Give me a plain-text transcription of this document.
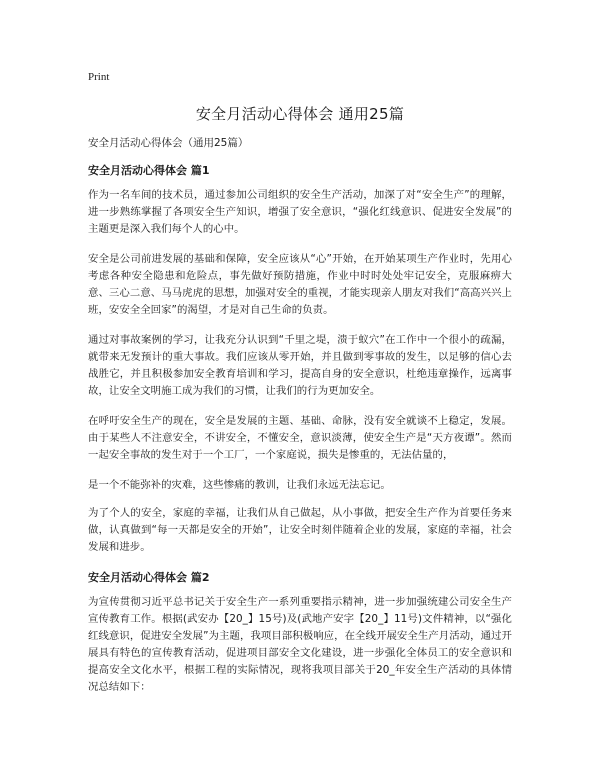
Print
安全月活动心得体会 通用25篇
安全月活动心得体会（通用25篇）
安全月活动心得体会 篇1

作为一名车间的技术员，通过参加公司组织的安全生产活动，加深了对“安全生产”的理解，进一步熟练掌握了各项安全生产知识，增强了安全意识，“强化红线意识、促进安全发展”的主题更是深入我们每个人的心中。

安全是公司前进发展的基础和保障，安全应该从“心”开始，在开始某项生产作业时，先用心考虑各种安全隐患和危险点，事先做好预防措施，作业中时时处处牢记安全，克服麻痹大意、三心二意、马马虎虎的思想，加强对安全的重视，才能实现亲人朋友对我们“高高兴兴上班，安安全全回家”的渴望，才是对自己生命的负责。

通过对事故案例的学习，让我充分认识到“千里之堤，溃于蚁穴”在工作中一个很小的疏漏，就带来无发预计的重大事故。我们应该从零开始，并且做到零事故的发生，以足够的信心去战胜它，并且积极参加安全教育培训和学习，提高自身的安全意识，杜绝违章操作，远离事故，让安全文明施工成为我们的习惯，让我们的行为更加安全。

在呼吁安全生产的现在，安全是发展的主题、基础、命脉，没有安全就谈不上稳定，发展。由于某些人不注意安全，不讲安全，不懂安全，意识淡薄，使安全生产是“天方夜谭”。然而一起安全事故的发生对于一个工厂，一个家庭说，损失是惨重的，无法估量的，

是一个不能弥补的灾难，这些惨痛的教训，让我们永远无法忘记。

为了个人的安全，家庭的幸福，让我们从自己做起，从小事做，把安全生产作为首要任务来做，认真做到“每一天都是安全的开始”，让安全时刻伴随着企业的发展，家庭的幸福，社会发展和进步。

安全月活动心得体会 篇2

为宣传贯彻习近平总书记关于安全生产一系列重要指示精神，进一步加强统建公司安全生产宣传教育工作。根据(武安办【20_】15号)及(武地产安字【20_】11号)文件精神，以“强化红线意识，促进安全发展”为主题，我项目部积极响应，在全线开展安全生产月活动，通过开展具有特色的宣传教育活动，促进项目部安全文化建设，进一步强化全体员工的安全意识和提高安全文化水平，根据工程的实际情况，现将我项目部关于20_年安全生产活动的具体情况总结如下：
